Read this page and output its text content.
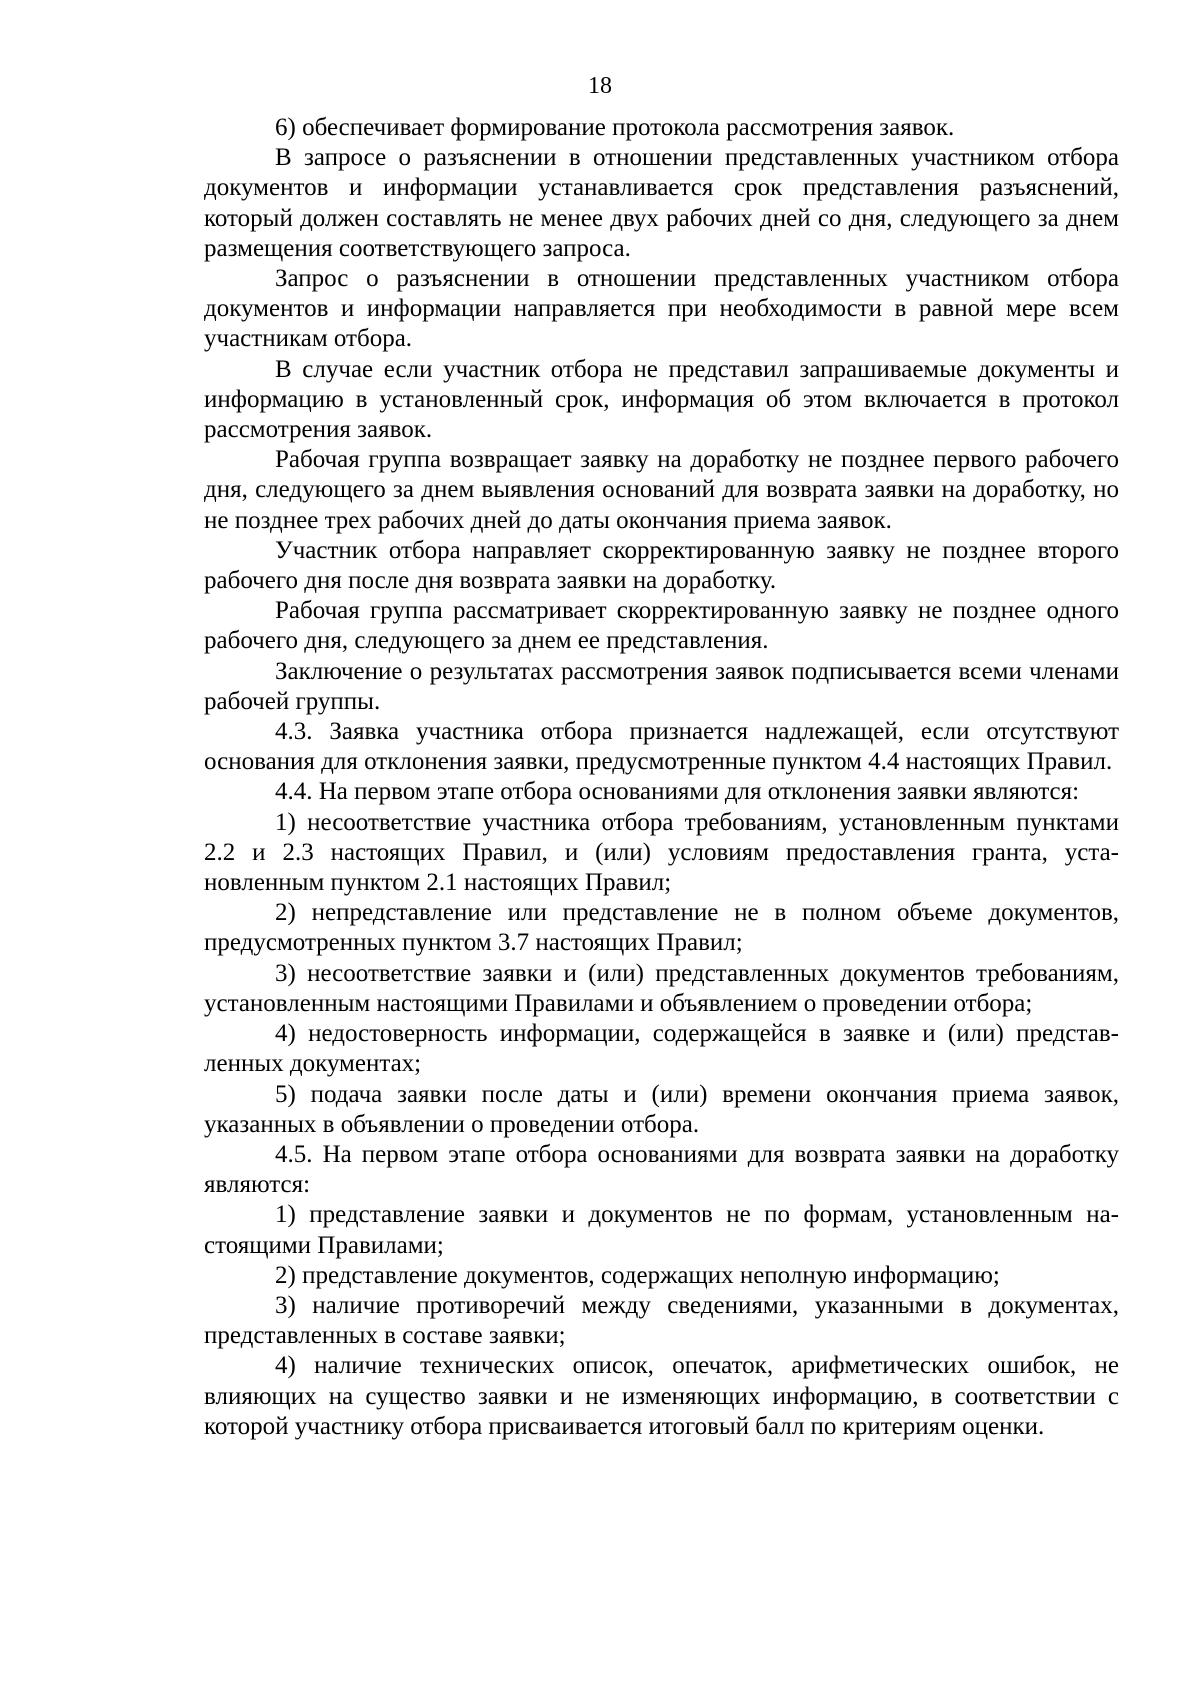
18

6) обеспечивает формирование протокола рассмотрения заявок.

В запросе о разъяснении в отношении представленных участником отбора документов и информации устанавливается срок представления разъяснений, который должен составлять не менее двух рабочих дней со дня, следующего за днем размещения соответствующего запроса.

Запрос о разъяснении в отношении представленных участником отбора документов и информации направляется при необходимости в равной мере всем участникам отбора.

В случае если участник отбора не представил запрашиваемые документы и информацию в установленный срок, информация об этом включается в протокол рассмотрения заявок.

Рабочая группа возвращает заявку на доработку не позднее первого рабочего дня, следующего за днем выявления оснований для возврата заявки на доработку, но не позднее трех рабочих дней до даты окончания приема заявок.

Участник отбора направляет скорректированную заявку не позднее второго рабочего дня после дня возврата заявки на доработку.

Рабочая группа рассматривает скорректированную заявку не позднее одного рабочего дня, следующего за днем ее представления.

Заключение о результатах рассмотрения заявок подписывается всеми членами рабочей группы.

4.3. Заявка участника отбора признается надлежащей, если отсутствуют основания для отклонения заявки, предусмотренные пунктом 4.4 настоящих Правил.

4.4. На первом этапе отбора основаниями для отклонения заявки являются:

1) несоответствие участника отбора требованиям, установленным пунктами 2.2 и 2.3 настоящих Правил, и (или) условиям предоставления гранта, установленным пунктом 2.1 настоящих Правил;

2) непредставление или представление не в полном объеме документов, предусмотренных пунктом 3.7 настоящих Правил;

3) несоответствие заявки и (или) представленных документов требованиям, установленным настоящими Правилами и объявлением о проведении отбора;

4) недостоверность информации, содержащейся в заявке и (или) представленных документах;

5) подача заявки после даты и (или) времени окончания приема заявок, указанных в объявлении о проведении отбора.

4.5. На первом этапе отбора основаниями для возврата заявки на доработку являются:

1) представление заявки и документов не по формам, установленным настоящими Правилами;

2) представление документов, содержащих неполную информацию;

3) наличие противоречий между сведениями, указанными в документах, представленных в составе заявки;

4) наличие технических описок, опечаток, арифметических ошибок, не влияющих на существо заявки и не изменяющих информацию, в соответствии с которой участнику отбора присваивается итоговый балл по критериям оценки.
